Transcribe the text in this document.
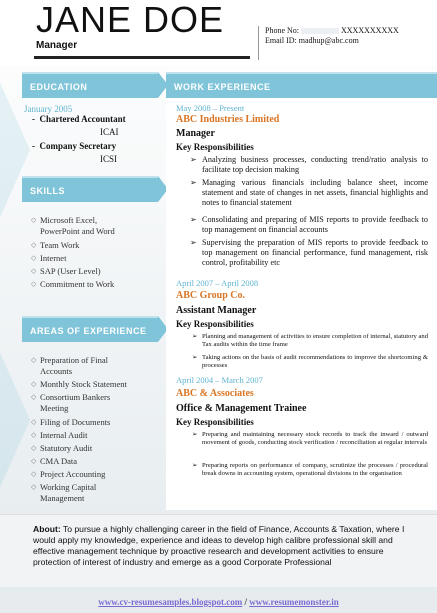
JANE DOE
Manager
Phone No:	XXXXXXXXXX
Email ID: madhup@abc.com
EDUCATION
January 2005
-  Chartered Accountant
ICAI
-  Company Secretary
ICSI
SKILLS
◇ Microsoft Excel,
PowerPoint and Word
◇ Team Work
◇ Internet
◇ SAP (User Level)
◇ Commitment to Work
AREAS OF EXPERIENCE
◇ Preparation of Final
Accounts
◇ Monthly Stock Statement
◇ Consortium Bankers
Meeting
◇ Filing of Documents
◇ Internal Audit
◇ Statutory Audit
◇ CMA Data
◇ Project Accounting
◇ Working Capital
Management
WORK EXPERIENCE
May 2008 – Present
ABC Industries Limited
Manager
Key Responsibilities
➢ Analyzing business processes, conducting trend/ratio analysis to facilitate top decision making
➢ Managing various financials including balance sheet, income statement and state of changes in net assets, financial highlights and notes to financial statement
➢ Consolidating and preparing of MIS reports to provide feedback to top management on financial accounts
➢ Supervising the preparation of MIS reports to provide feedback to top management on financial performance, fund management, risk control, profitability etc
April 2007 – April 2008
ABC Group Co.
Assistant Manager
Key Responsibilities
➢ Planning and management of activities to ensure completion of internal, statutory and Tax audits within the time frame
➢ Taking actions on the basis of audit recommendations to improve the shortcoming & processes
April 2004 – March 2007
ABC & Associates
Office & Management Trainee
Key Responsibilities
➢ Preparing and maintaining necessary stock records to track the inward / outward movement of goods, conducting stock verification / reconciliation at regular intervals
➢ Preparing reports on performance of company, scrutinize the processes / procedural break downs in accounting system, operational divisions in the organisation
About: To pursue a highly challenging career in the field of Finance, Accounts & Taxation, where I would apply my knowledge, experience and ideas to develop high calibre professional skill and effective management technique by proactive research and development activities to ensure protection of interest of industry and emerge as a good Corporate Professional
www.cv-resumesamples.blogspot.com / www.resumemonster.in
